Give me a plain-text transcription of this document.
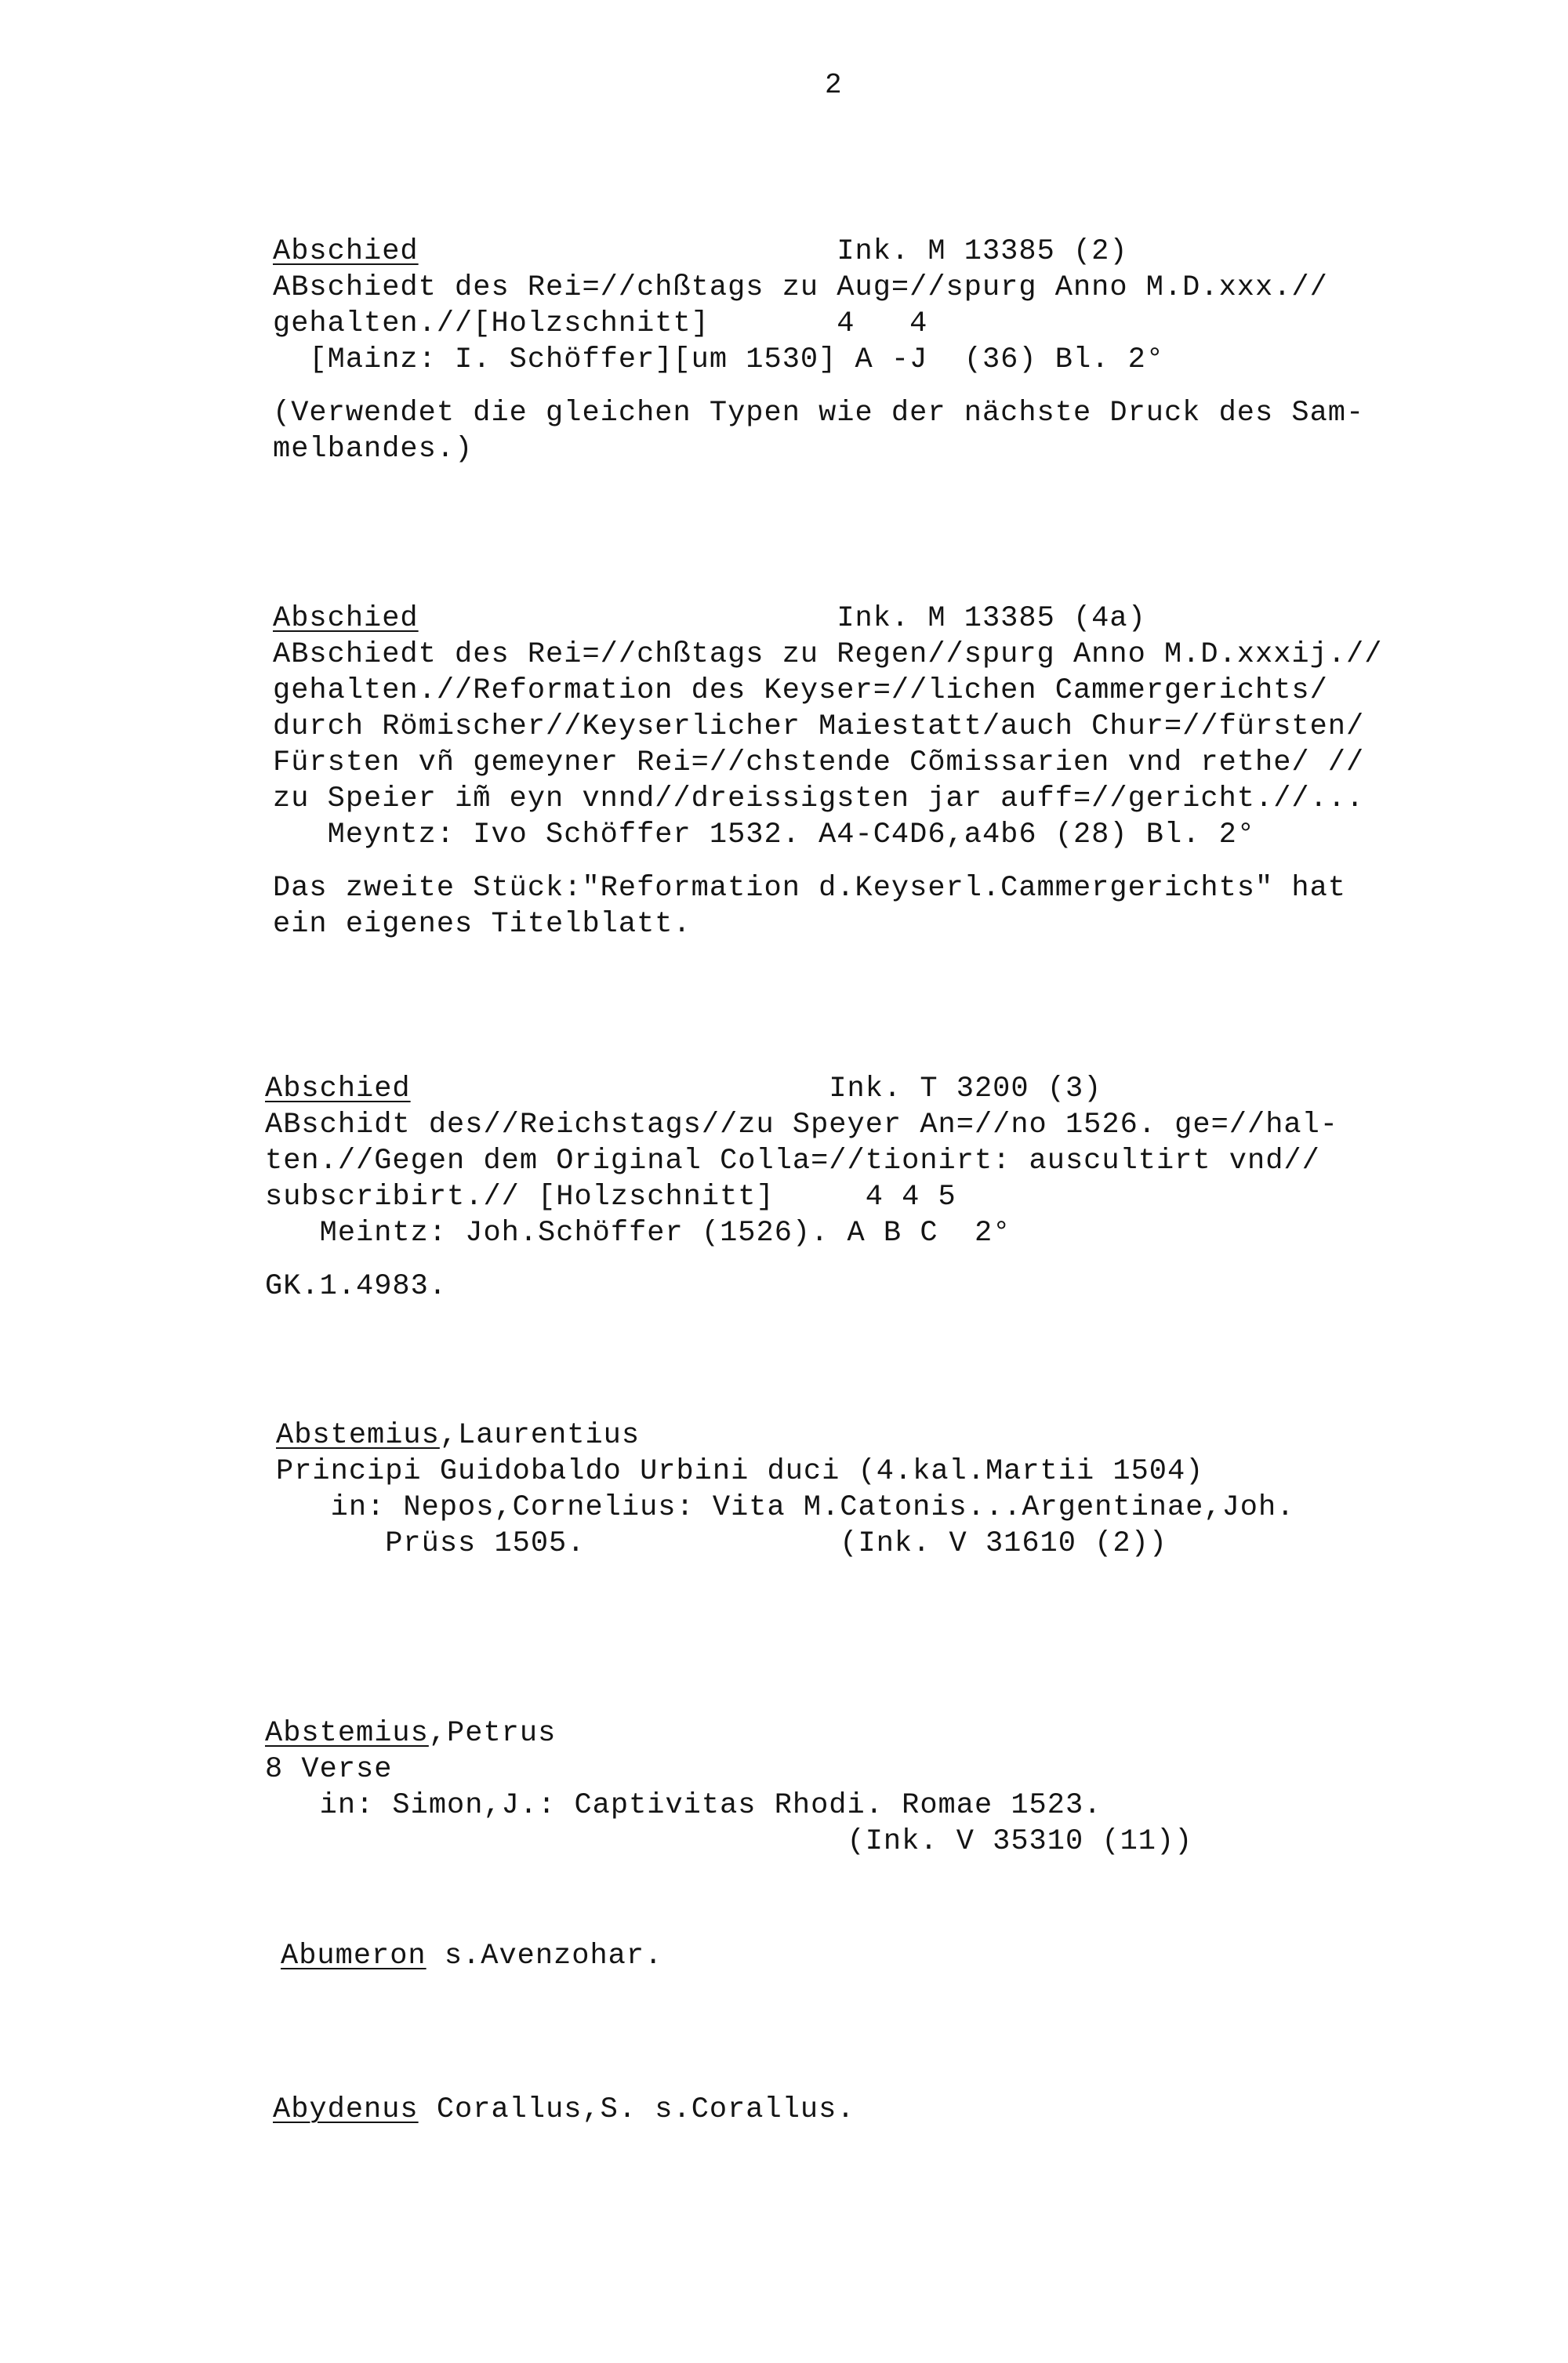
2

Abschied	Ink. M 13385 (2)
ABschiedt des Rei=//chßtags zu Aug=//spurg Anno M.D.xxx.//
gehalten.//[Holzschnitt]       4   4
[Mainz: I. Schöffer][um 1530] A -J  (36) Bl. 2°
(Verwendet die gleichen Typen wie der nächste Druck des Sam-
melbandes.)
Abschied	Ink. M 13385 (4a)
ABschiedt des Rei=//chßtags zu Regen//spurg Anno M.D.xxxij.//
gehalten.//Reformation des Keyser=//lichen Cammergerichts/
durch Römischer//Keyserlicher Maiestatt/auch Chur=//fürsten/
Fürsten vñ gemeyner Rei=//chstende Cõmissarien vnd rethe/ //
zu Speier im̃ eyn vnnd//dreissigsten jar auff=//gericht.//...
Meyntz: Ivo Schöffer 1532. A4-C4D6,a4b6 (28) Bl. 2°
Das zweite Stück:"Reformation d.Keyserl.Cammergerichts" hat
ein eigenes Titelblatt.
Abschied	Ink. T 3200 (3)
ABschidt des//Reichstags//zu Speyer An=//no 1526. ge=//hal-
ten.//Gegen dem Original Colla=//tionirt: auscultirt vnd//
subscribirt.// [Holzschnitt]     4 4 5
Meintz: Joh.Schöffer (1526). A B C  2°
GK.1.4983.
Abstemius,Laurentius
Principi Guidobaldo Urbini duci (4.kal.Martii 1504)
in: Nepos,Cornelius: Vita M.Catonis...Argentinae,Joh.
Prüss 1505.              (Ink. V 31610 (2))
Abstemius,Petrus
8 Verse
in: Simon,J.: Captivitas Rhodi. Romae 1523.
(Ink. V 35310 (11))
Abumeron s.Avenzohar.
Abydenus Corallus,S. s.Corallus.
